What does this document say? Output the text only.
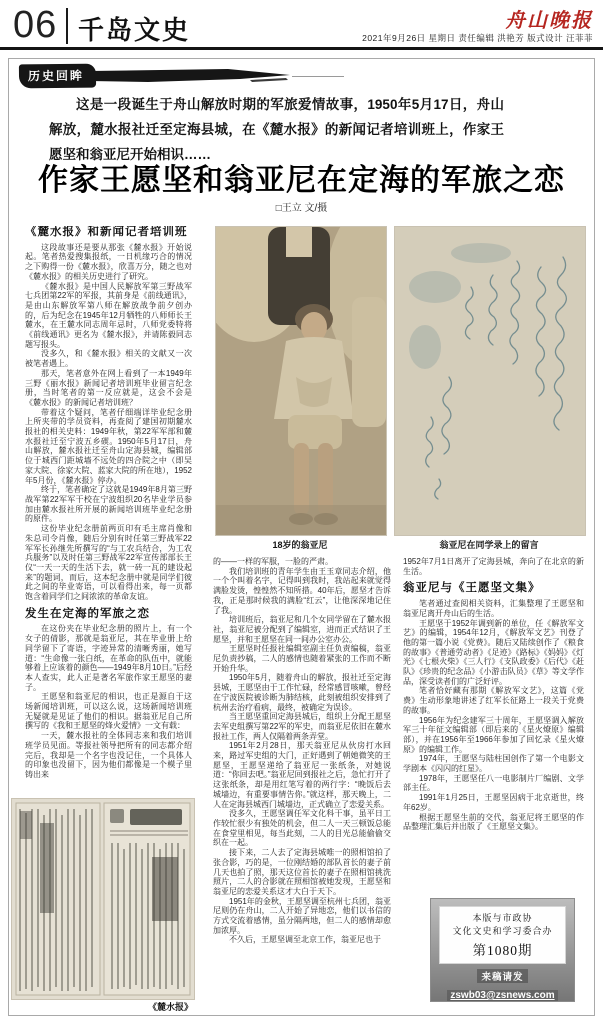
06 千岛文史	舟山晚报
2021年9月26日 星期日 责任编辑 洪艳芳 版式设计 汪菲菲
历史回眸
这是一段诞生于舟山解放时期的军旅爱情故事，1950年5月17日，舟山解放，麓水报社迁至定海县城，在《麓水报》的新闻记者培训班上，作家王愿坚和翁亚尼开始相识……
作家王愿坚和翁亚尼在定海的军旅之恋
□王立 文/摄
《麓水报》和新闻记者培训班

这段故事还是要从那张《麓水报》开始说起。笔者热爱搜集报纸，一日机缘巧合的情况之下购得一份《麓水报》，欣喜万分，随之也对《麓水报》的相关历史进行了研究。

《麓水报》是中国人民解放军第三野战军七兵团第22军的军报，其前身是《前线通讯》，是由山东解放军第八师在解放战争前夕创办的，后为纪念在1945年12月牺牲的八师师长王麓水，在王麓水同志周年忌时，八师党委特将《前线通讯》更名为《麓水报》，并请陈毅同志题写报头。

没多久，和《麓水报》相关的文献又一次被笔者遇上。

那天，笔者意外在网上看到了一本1949年三野《丽水报》新闻记者培训班毕业留言纪念册，当时笔者的第一反应就是，这会不会是《麓水报》的新闻记者培训班？

带着这个疑问，笔者仔细端详毕业纪念册上所夹带的学员资料，再查阅了建国初期麓水报社的相关史料：1949年秋，第22军军部和麓水报社迁至宁波五乡碶。1950年5月17日，舟山解放，麓水报社迁至舟山定海县城，编辑部位于城西门距城墙不远处的四合院之中（即吴家大院、徐家大院、蓝家大院的所在地），1952年5月份，《麓水报》停办。

终于，笔者确定了这就是1949年8月第三野战军第22军军干校在宁波组织20名毕业学员参加由麓水报社所开展的新闻培训班毕业纪念册的原件。

这份毕业纪念册前两页印有毛主席肖像和朱总司令肖像，随后分别有时任第三野战军22军军长孙继先所撰写的“与工农兵结合，为工农兵服务”以及时任第三野战军22军宣传部部长王仪“一天一天的生活下去，就一砖一瓦的建设起来”的题词，而后，这本纪念册中就是同学们彼此之间的毕业寄语，可以看得出来，每一页都饱含着同学们之间浓浓的革命友谊。

发生在定海的军旅之恋

在这份夹在毕业纪念册的照片上，有一个女子的倩影，那就是翁亚尼，其在毕业册上给同学留下了寄语，字迹异常的清晰秀丽，她写道：“生命像一张白纸，在革命的队伍中，就能够着上应该着的颜色——1949年8月10日。”后经本人查实，此人正是著名军旅作家王愿坚的妻子。

王愿坚和翁亚尼的相识，也正是源自于这场新闻培训班，可以这么说，这场新闻培训班无疑就是见证了他们的相识。据翁亚尼自己所撰写的《我和王愿坚的烽火爱情》一文有载：

一天，麓水报社的全体同志来和我们培训班学员见面。等报社领导把所有的同志都介绍完后，我却是一个名字也没记住，一个具体人的印象也没留下，因为他们都像是一个模子里铸出来

18岁的翁亚尼	翁亚尼在同学录上的留言

的——一样的军服，一脸的严肃。

我们培训班的青年学生由王玉章同志介绍，他一个个叫着名字，记得叫到我时，我站起来就觉得满脸发烫，惶惶然不知所措。40年后，愿坚才告诉我，正是那时候我的满脸“红云”，让他深深地记住了我。

培训班后，翁亚尼和几个女同学留在了麓水报社，翁亚尼被分配到了编辑室，进而正式结识了王愿坚，并和王愿坚在同一间办公室办公。

王愿坚时任报社编辑室副主任负责编稿，翁亚尼负责抄稿，二人的感情也随着紧张的工作而不断开始升华。

1950年5月，随着舟山的解放，报社迁至定海县城，王愿坚由于工作忙碌，经常感冒咳嗽，曾经在宁波医院被诊断为肺结核，此刻被组织安排到了杭州去治疗看病，最终，被确定为误诊。

当王愿坚重回定海县城后，组织上分配王愿坚去军史组撰写第22军的军史，而翁亚尼依旧在麓水报社工作，两人仅隔着两条弄堂。

1951年2月28日，那天翁亚尼从伙房打水回来，路过军史组的大门，正好遇到了朝她微笑的王愿坚，王愿坚递给了翁亚尼一张纸条，对她说道：“你回去吧。”翁亚尼回到报社之后，急忙打开了这张纸条，却是用红笔写着的两行字：“晚饭后去城墙边，有重要事情告你。”就这样，那天晚上，二人在定海县城西门城墙边，正式确立了恋爱关系。

没多久，王愿坚调任军文化科干事，虽平日工作较忙很少有独处的机会，但二人一天三顿饭总能在食堂里相见，每当此刻，二人的目光总能偷偷交织在一起。

接下来，二人去了定海县城唯一的照相馆拍了张合影，巧的是，一位刚结婚的部队首长的妻子前几天也拍了照，那天这位首长的妻子在照相馆挑洗照片，二人的合影就在照相馆被她发现，王愿坚和翁亚尼的恋爱关系这才大白于天下。

1951年的金秋，王愿坚调至杭州七兵团，翁亚尼则仍在舟山，二人开始了异地恋，他们以书信的方式交流着感情，虽分隔两地，但二人的感情却愈加浓厚。

不久后，王愿坚调至北京工作，翁亚尼也于

1952年7月1日离开了定海县城，奔向了在北京的新生活。

翁亚尼与《王愿坚文集》

笔者通过查阅相关资料，汇集整理了王愿坚和翁亚尼离开舟山后的生活。

王愿坚于1952年调到新的单位，任《解放军文艺》的编辑，1954年12月，《解放军文艺》刊登了他的第一篇小说《党费》。随后又陆续创作了《粮食的故事》《普通劳动者》《足迹》《路标》《妈妈》《灯光》《七根火柴》《三人行》《支队政委》《后代》《赶队》《珍贵的纪念品》《小游击队员》《草》等文学作品，深受读者们的广泛好评。

笔者恰好藏有那期《解放军文艺》，这篇《党费》生动形象地讲述了红军长征路上一段关于党费的故事。

1956年为纪念建军三十周年，王愿坚调入解放军三十年征文编辑部（即后来的《星火燎原》编辑部），并在1956年至1966年参加了回忆录《星火燎原》的编辑工作。

1974年，王愿坚与陆柱国创作了第一个电影文学剧本《闪闪的红星》。

1978年，王愿坚任八一电影制片厂编剧、文学部主任。

1991年1月25日，王愿坚因病于北京逝世，终年62岁。

根据王愿坚生前的交代，翁亚尼将王愿坚的作品整理汇集后并出版了《王愿坚文集》。

《麓水报》
本版与市政协
文化文史和学习委合办
第1080期
来稿请发
zswb03@zsnews.com
